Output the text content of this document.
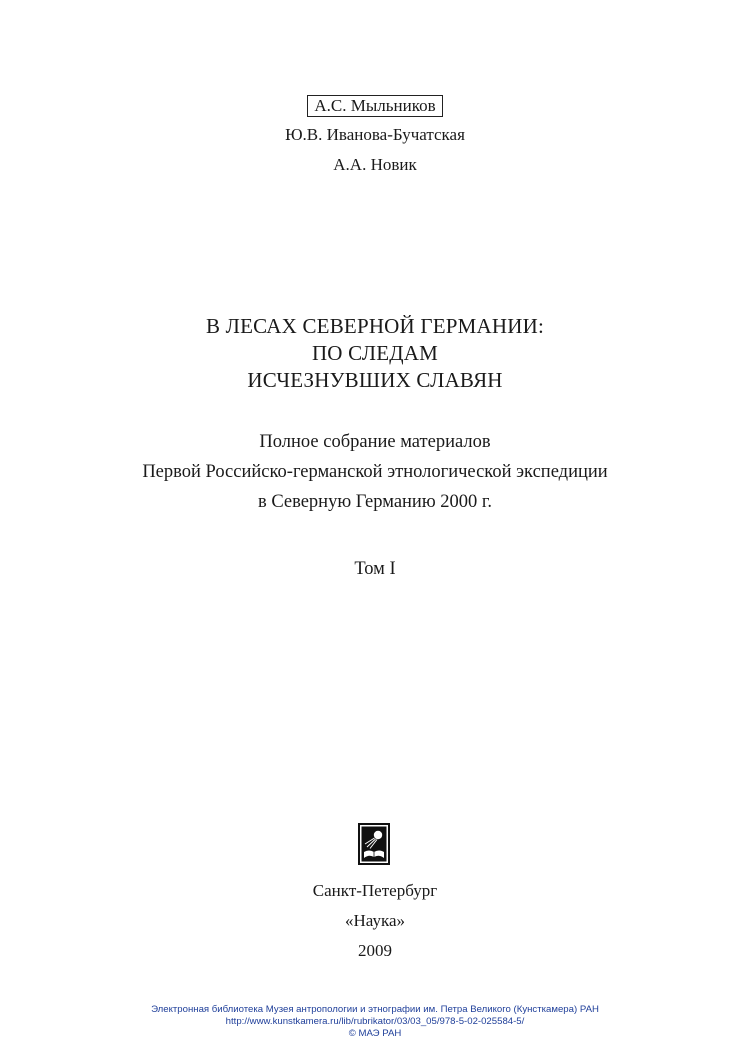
А.С. Мыльников
Ю.В. Иванова-Бучатская
А.А. Новик
В ЛЕСАХ СЕВЕРНОЙ ГЕРМАНИИ:
ПО СЛЕДАМ
ИСЧЕЗНУВШИХ СЛАВЯН
Полное собрание материалов
Первой Российско-германской этнологической экспедиции
в Северную Германию 2000 г.
Том I
Санкт-Петербург
«Наука»
2009
Электронная библиотека Музея антропологии и этнографии им. Петра Великого (Кунсткамера) РАН
http://www.kunstkamera.ru/lib/rubrikator/03/03_05/978-5-02-025584-5/
© МАЭ РАН
